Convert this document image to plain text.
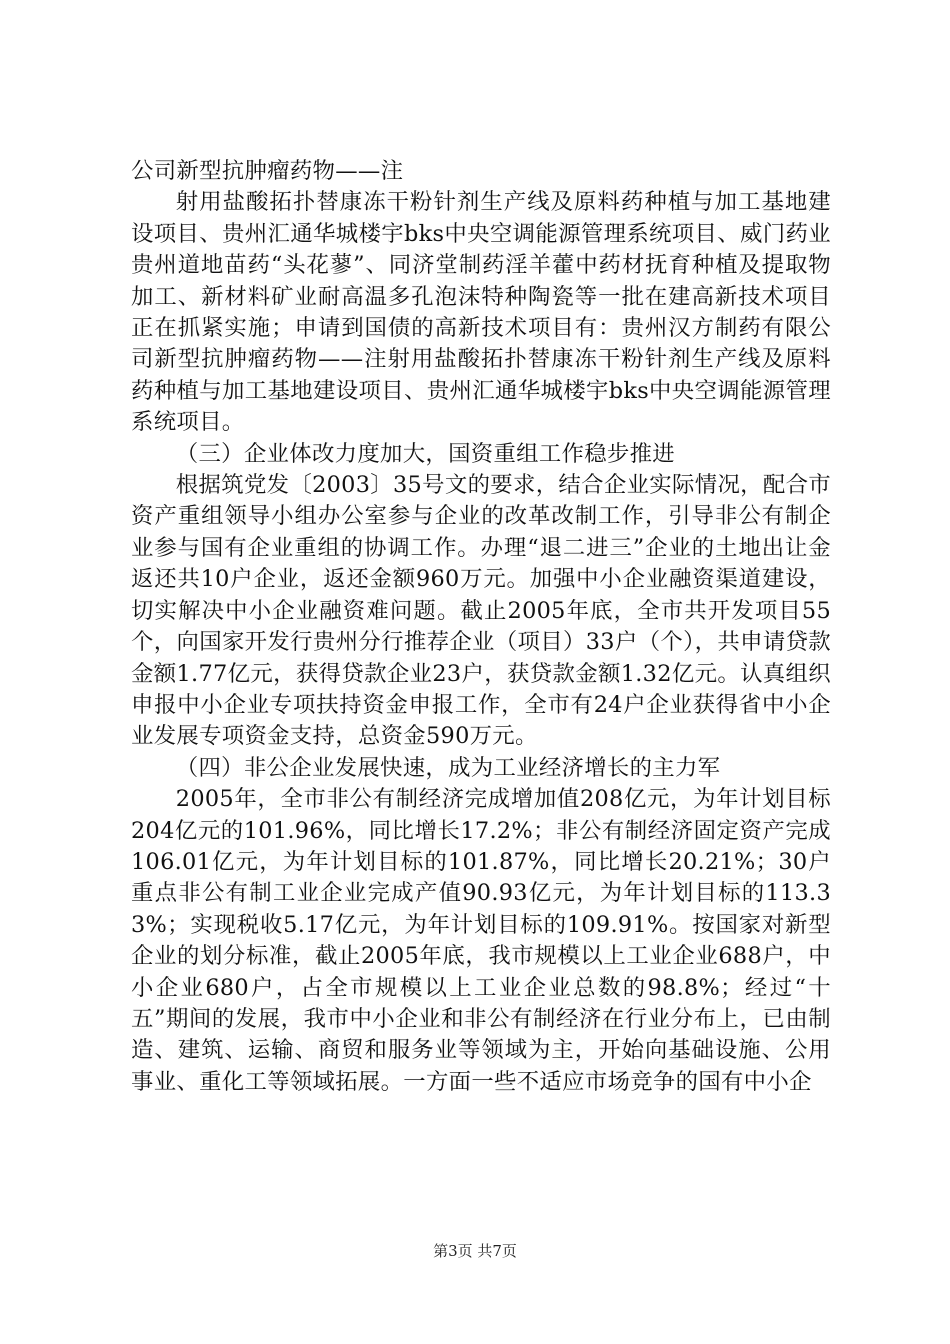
公司新型抗肿瘤药物——注

射用盐酸拓扑替康冻干粉针剂生产线及原料药种植与加工基地建设项目、贵州汇通华城楼宇bks中央空调能源管理系统项目、威门药业贵州道地苗药“头花蓼”、同济堂制药淫羊藿中药材抚育种植及提取物加工、新材料矿业耐高温多孔泡沫特种陶瓷等一批在建高新技术项目正在抓紧实施；申请到国债的高新技术项目有：贵州汉方制药有限公司新型抗肿瘤药物——注射用盐酸拓扑替康冻干粉针剂生产线及原料药种植与加工基地建设项目、贵州汇通华城楼宇bks中央空调能源管理系统项目。

（三）企业体改力度加大，国资重组工作稳步推进

根据筑党发〔2003〕35号文的要求，结合企业实际情况，配合市资产重组领导小组办公室参与企业的改革改制工作，引导非公有制企业参与国有企业重组的协调工作。办理“退二进三”企业的土地出让金返还共10户企业，返还金额960万元。加强中小企业融资渠道建设，切实解决中小企业融资难问题。截止2005年底，全市共开发项目55个，向国家开发行贵州分行推荐企业（项目）33户（个），共申请贷款金额1.77亿元，获得贷款企业23户，获贷款金额1.32亿元。认真组织申报中小企业专项扶持资金申报工作，全市有24户企业获得省中小企业发展专项资金支持，总资金590万元。

（四）非公企业发展快速，成为工业经济增长的主力军

2005年，全市非公有制经济完成增加值208亿元，为年计划目标204亿元的101.96%，同比增长17.2%；非公有制经济固定资产完成106.01亿元，为年计划目标的101.87%，同比增长20.21%；30户重点非公有制工业企业完成产值90.93亿元，为年计划目标的113.33%；实现税收5.17亿元，为年计划目标的109.91%。按国家对新型企业的划分标准，截止2005年底，我市规模以上工业企业688户，中小企业680户，占全市规模以上工业企业总数的98.8%；经过“十五”期间的发展，我市中小企业和非公有制经济在行业分布上，已由制造、建筑、运输、商贸和服务业等领域为主，开始向基础设施、公用事业、重化工等领域拓展。一方面一些不适应市场竞争的国有中小企

第3页 共7页
